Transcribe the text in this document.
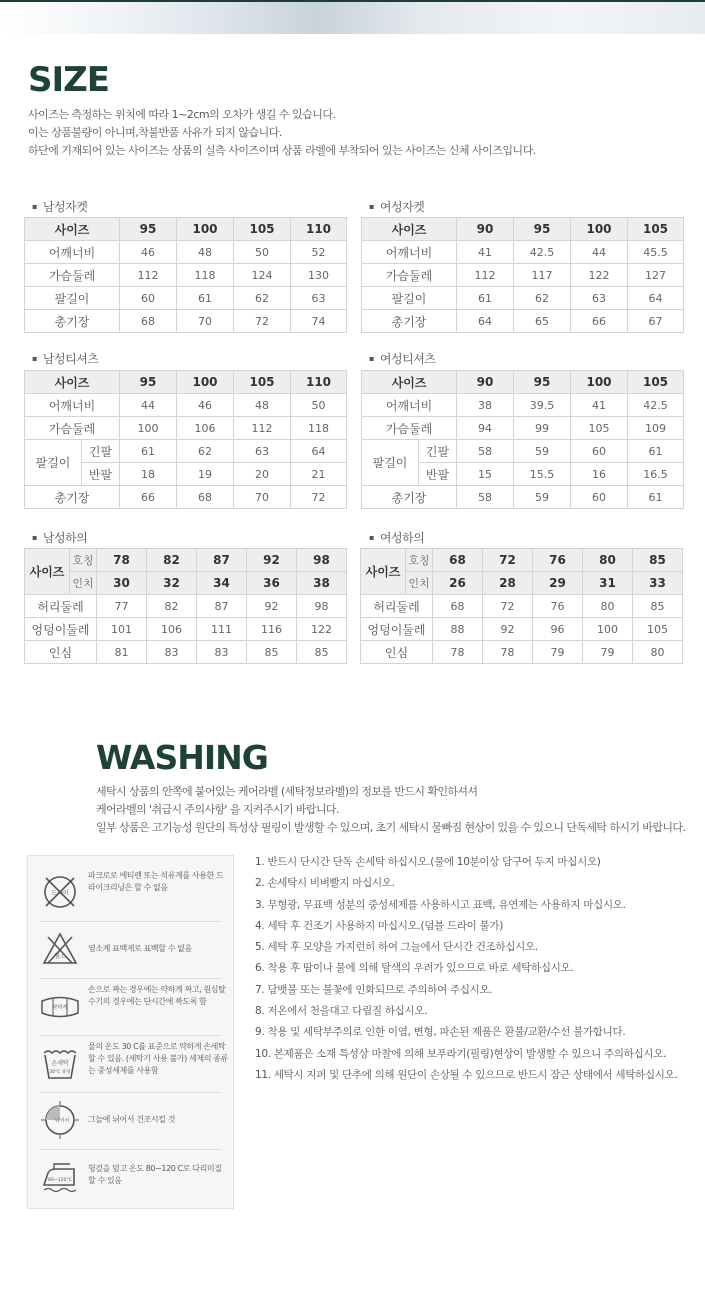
SIZE
사이즈는 측정하는 위치에 따라 1~2cm의 오차가 생길 수 있습니다.
이는 상품불량이 아니며,착불반품 사유가 되지 않습니다.
하단에 기재되어 있는 사이즈는 상품의 실측 사이즈이며 상품 라벨에 부착되어 있는 사이즈는 신체 사이즈입니다.
▪ 남성자켓
사이즈	95	100	105	110
어깨너비	46	48	50	52
가슴둘레	112	118	124	130
팔길이	60	61	62	63
총기장	68	70	72	74
▪ 여성자켓
사이즈	90	95	100	105
어깨너비	41	42.5	44	45.5
가슴둘레	112	117	122	127
팔길이	61	62	63	64
총기장	64	65	66	67
▪ 남성티셔츠
사이즈		95	100	105	110
어깨너비		44	46	48	50
가슴둘레		100	106	112	118
팔길이	긴팔	61	62	63	64
	반팔	18	19	20	21
총기장		66	68	70	72
▪ 여성티셔츠
사이즈		90	95	100	105
어깨너비		38	39.5	41	42.5
가슴둘레		94	99	105	109
팔길이	긴팔	58	59	60	61
	반팔	15	15.5	16	16.5
총기장		58	59	60	61
▪ 남성하의
사이즈	호칭	78	82	87	92	98
	인치	30	32	34	36	38
허리둘레		77	82	87	92	98
엉덩이둘레		101	106	111	116	122
인심		81	83	83	85	85
▪ 여성하의
사이즈	호칭	68	72	76	80	85
	인치	26	28	29	31	33
허리둘레		68	72	76	80	85
엉덩이둘레		88	92	96	100	105
인심		78	78	79	79	80
WASHING
세탁시 상품의 안쪽에 붙어있는 케어라벨 (세탁정보라벨)의 정보를 반드시 확인하셔셔
케어라벨의 '취급시 주의사항' 을 지켜주시기 바랍니다.
일부 상품은 고기능성 원단의 특성상 필링이 발생할 수 있으며, 초기 세탁시 물빠짐 현상이 있을 수 있으니 단독세탁 하시기 바랍니다.
드라이
파크로로 에티렌 또는 석유계를 사용한 드라이크리닝은 할 수 없음
염소
염소계 표백제로 표백할 수 없음
약하게
손으로 짜는 경우에는 약하게 짜고, 원심탈수기의 경우에는 단시간에 짜도록 함
손세탁
30°C 중성
물의 온도 30 C를 표준으로 약하게 손세탁 할 수 있음. (세탁기 사용 불가) 세제의 종류는 중성세제를 사용함
뉘어서 그늘에 뉘어서 건조시킬 것
80~120°C
헝겊을 덮고 온도 80~120 C로 다리미질 할 수 있음
1. 반드시 단시간 단독 손세탁 하십시오.(물에 10분이상 담구어 두지 마십시오)
2. 손세탁시 비벼빨지 마십시오.
3. 무형광, 무표백 성분의 중성세제를 사용하시고 표백, 유연제는 사용하지 마십시오.
4. 세탁 후 건조기 사용하지 마십시오.(덤블 드라이 불가)
5. 세탁 후 모양을 가지런히 하여 그늘에서 단시간 건조하십시오.
6. 착용 후 땀이나 물에 의해 탈색의 우려가 있으므로 바로 세탁하십시오.
7. 담뱃불 또는 불꽃에 인화되므로 주의하여 주십시오.
8. 저온에서 천을대고 다림질 하십시오.
9. 착용 및 세탁부주의로 인한 이염, 변형, 파손된 제품은 환불/교환/수선 불가합니다.
10. 본제품은 소재 특성상 마찰에 의해 보푸라기(필링)현상이 발생할 수 있으니 주의하십시오.
11. 세탁시 지퍼 및 단추에 의해 원단이 손상될 수 있으므로 반드시 잠근 상태에서 세탁하십시오.
